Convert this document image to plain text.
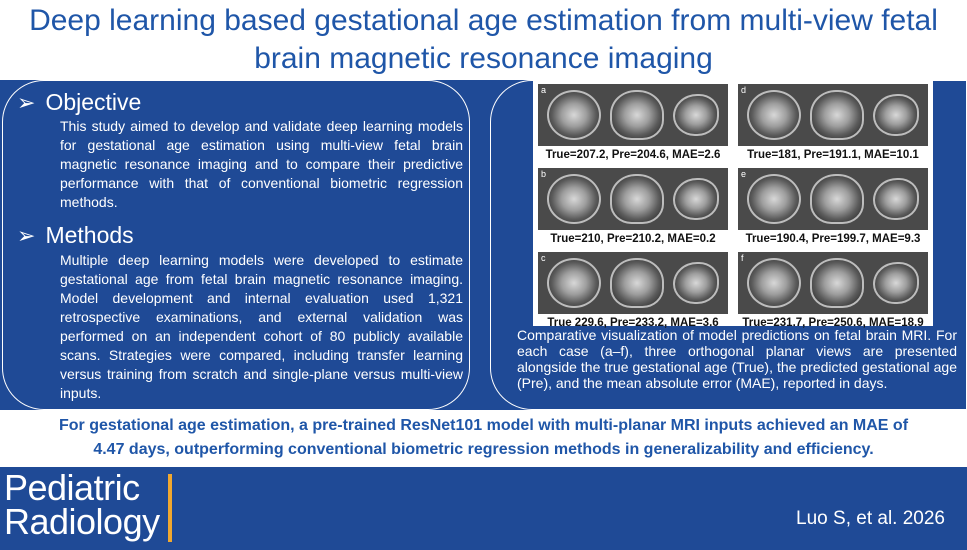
Deep learning based gestational age estimation from multi-view fetal
brain magnetic resonance imaging
➢ Objective
This study aimed to develop and validate deep learning models for gestational age estimation using multi-view fetal brain magnetic resonance imaging and to compare their predictive performance with that of conventional biometric regression methods.
➢ Methods
Multiple deep learning models were developed to estimate gestational age from fetal brain magnetic resonance imaging. Model development and internal evaluation used 1,321 retrospective examinations, and external validation was performed on an independent cohort of 80 publicly available scans. Strategies were compared, including transfer learning versus training from scratch and single-plane versus multi-view inputs.
a
True=207.2, Pre=204.6, MAE=2.6
b
True=210, Pre=210.2, MAE=0.2
c
True 229.6, Pre=233.2, MAE=3.6
d
True=181, Pre=191.1, MAE=10.1
e
True=190.4, Pre=199.7, MAE=9.3
f
True=231.7, Pre=250.6, MAE=18.9
Comparative visualization of model predictions on fetal brain MRI. For each case (a–f), three orthogonal planar views are presented alongside the true gestational age (True), the predicted gestational age (Pre), and the mean absolute error (MAE), reported in days.
For gestational age estimation, a pre-trained ResNet101 model with multi-planar MRI inputs achieved an MAE of
4.47 days, outperforming conventional biometric regression methods in generalizability and efficiency.
Pediatric
Radiology	Luo S, et al. 2026
